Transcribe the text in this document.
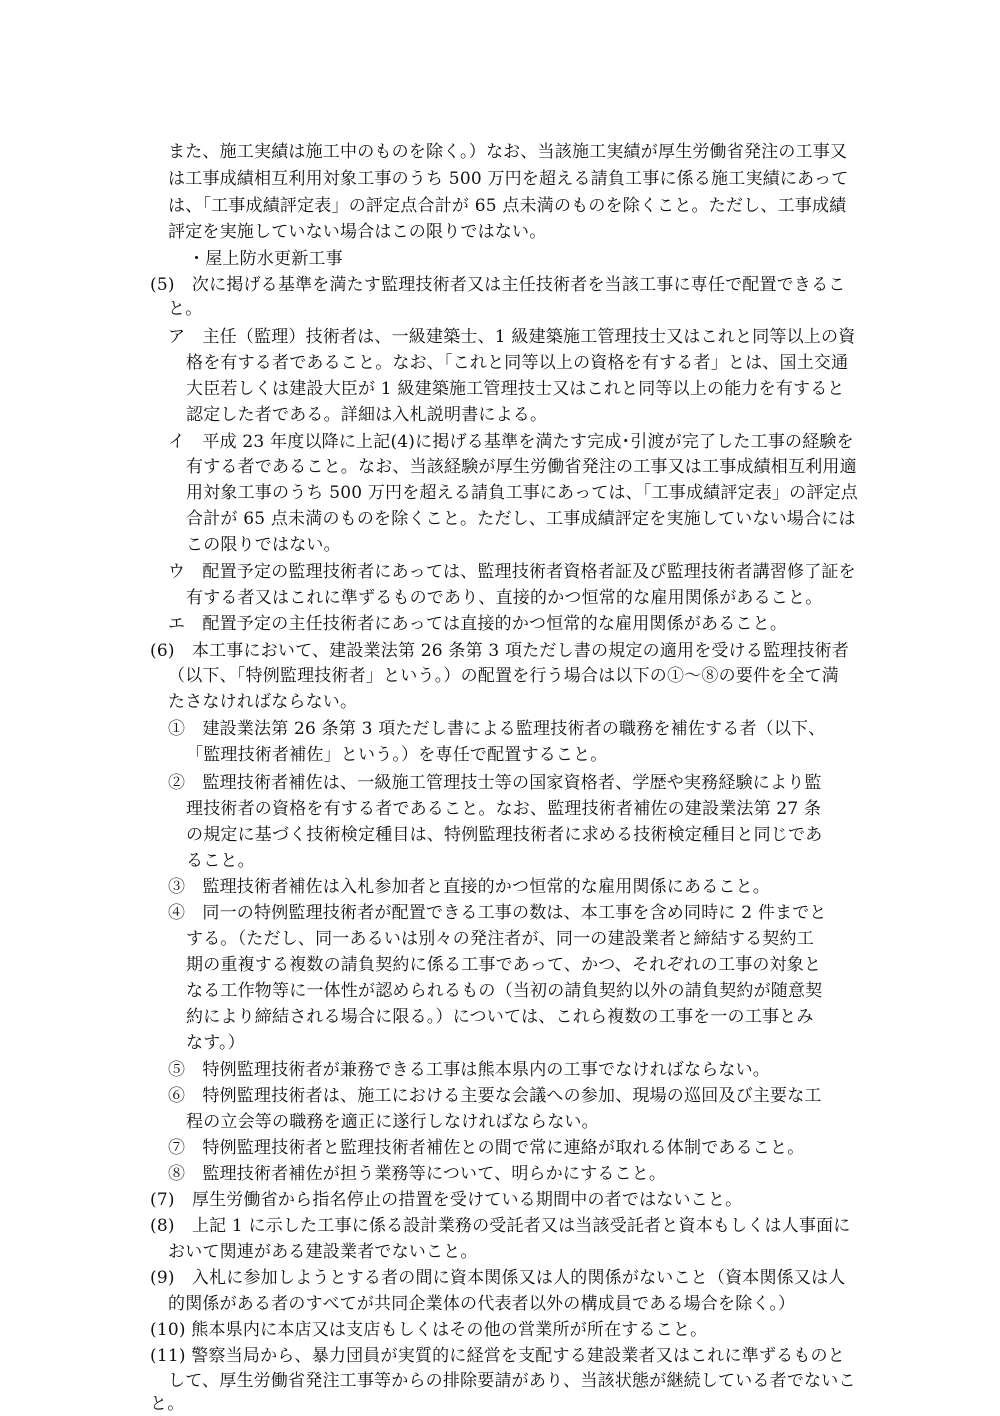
また、施工実績は施工中のものを除く。）なお、当該施工実績が厚生労働省発注の工事又
は工事成績相互利用対象工事のうち 500 万円を超える請負工事に係る施工実績にあって
は、「工事成績評定表」の評定点合計が 65 点未満のものを除くこと。ただし、工事成績
評定を実施していない場合はこの限りではない。
・屋上防水更新工事
(5)　次に掲げる基準を満たす監理技術者又は主任技術者を当該工事に専任で配置できるこ
と。
ア　主任（監理）技術者は、一級建築士、1 級建築施工管理技士又はこれと同等以上の資
格を有する者であること。なお、「これと同等以上の資格を有する者」とは、国土交通
大臣若しくは建設大臣が 1 級建築施工管理技士又はこれと同等以上の能力を有すると
認定した者である。詳細は入札説明書による。
イ　平成 23 年度以降に上記(4)に掲げる基準を満たす完成･引渡が完了した工事の経験を
有する者であること。なお、当該経験が厚生労働省発注の工事又は工事成績相互利用適
用対象工事のうち 500 万円を超える請負工事にあっては、「工事成績評定表」の評定点
合計が 65 点未満のものを除くこと。ただし、工事成績評定を実施していない場合には
この限りではない。
ウ　配置予定の監理技術者にあっては、監理技術者資格者証及び監理技術者講習修了証を
有する者又はこれに準ずるものであり、直接的かつ恒常的な雇用関係があること。
エ　配置予定の主任技術者にあっては直接的かつ恒常的な雇用関係があること。
(6)　本工事において、建設業法第 26 条第 3 項ただし書の規定の適用を受ける監理技術者
（以下、「特例監理技術者」という。）の配置を行う場合は以下の①～⑧の要件を全て満
たさなければならない。
①　建設業法第 26 条第 3 項ただし書による監理技術者の職務を補佐する者（以下、
「監理技術者補佐」という。）を専任で配置すること。
②　監理技術者補佐は、一級施工管理技士等の国家資格者、学歴や実務経験により監
理技術者の資格を有する者であること。なお、監理技術者補佐の建設業法第 27 条
の規定に基づく技術検定種目は、特例監理技術者に求める技術検定種目と同じであ
ること。
③　監理技術者補佐は入札参加者と直接的かつ恒常的な雇用関係にあること。
④　同一の特例監理技術者が配置できる工事の数は、本工事を含め同時に 2 件までと
する。（ただし、同一あるいは別々の発注者が、同一の建設業者と締結する契約工
期の重複する複数の請負契約に係る工事であって、かつ、それぞれの工事の対象と
なる工作物等に一体性が認められるもの（当初の請負契約以外の請負契約が随意契
約により締結される場合に限る。）については、これら複数の工事を一の工事とみ
なす。）
⑤　特例監理技術者が兼務できる工事は熊本県内の工事でなければならない。
⑥　特例監理技術者は、施工における主要な会議への参加、現場の巡回及び主要な工
程の立会等の職務を適正に遂行しなければならない。
⑦　特例監理技術者と監理技術者補佐との間で常に連絡が取れる体制であること。
⑧　監理技術者補佐が担う業務等について、明らかにすること。
(7)　厚生労働省から指名停止の措置を受けている期間中の者ではないこと。
(8)　上記 1 に示した工事に係る設計業務の受託者又は当該受託者と資本もしくは人事面に
おいて関連がある建設業者でないこと。
(9)　入札に参加しようとする者の間に資本関係又は人的関係がないこと（資本関係又は人
的関係がある者のすべてが共同企業体の代表者以外の構成員である場合を除く。）
(10) 熊本県内に本店又は支店もしくはその他の営業所が所在すること。
(11) 警察当局から、暴力団員が実質的に経営を支配する建設業者又はこれに準ずるものと
して、厚生労働省発注工事等からの排除要請があり、当該状態が継続している者でないこ
と。
